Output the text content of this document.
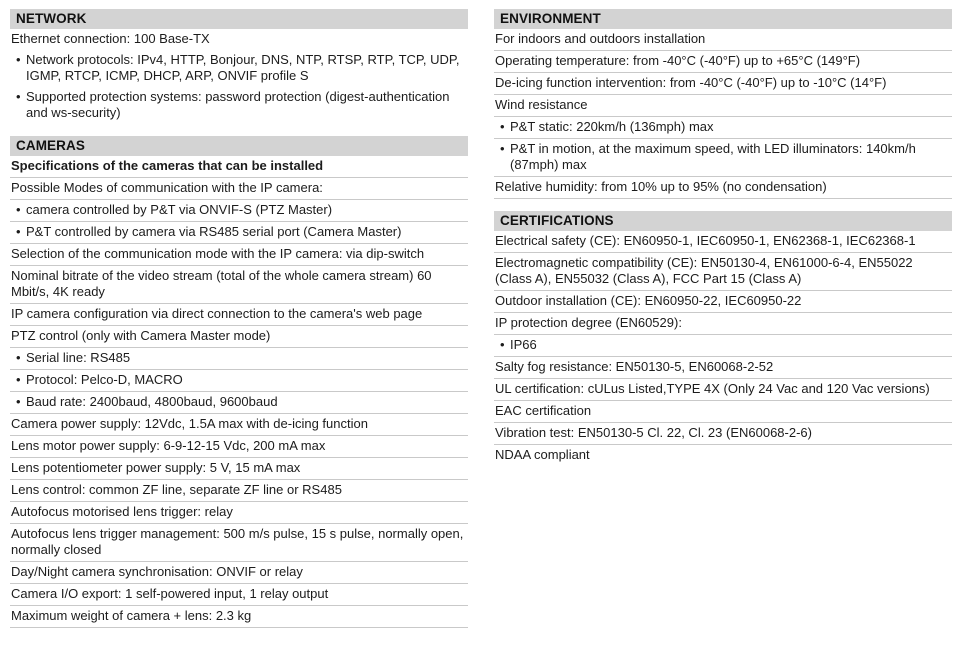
NETWORK
Ethernet connection: 100 Base-TX
• Network protocols: IPv4, HTTP, Bonjour, DNS, NTP, RTSP, RTP, TCP, UDP, IGMP, RTCP, ICMP, DHCP, ARP, ONVIF profile S
• Supported protection systems: password protection (digest-authentication and ws-security)
CAMERAS
Specifications of the cameras that can be installed
Possible Modes of communication with the IP camera:
• camera controlled by P&T via ONVIF-S (PTZ Master)
• P&T controlled by camera via RS485 serial port (Camera Master)
Selection of the communication mode with the IP camera: via dip-switch
Nominal bitrate of the video stream (total of the whole camera stream) 60 Mbit/s, 4K ready
IP camera configuration via direct connection to the camera's web page
PTZ control (only with Camera Master mode)
• Serial line: RS485
• Protocol: Pelco-D, MACRO
• Baud rate: 2400baud, 4800baud, 9600baud
Camera power supply: 12Vdc, 1.5A max with de-icing function
Lens motor power supply: 6-9-12-15 Vdc, 200 mA max
Lens potentiometer power supply: 5 V, 15 mA max
Lens control: common ZF line, separate ZF line or RS485
Autofocus motorised lens trigger: relay
Autofocus lens trigger management: 500 m/s pulse, 15 s pulse, normally open, normally closed
Day/Night camera synchronisation: ONVIF or relay
Camera I/O export: 1 self-powered input, 1 relay output
Maximum weight of camera + lens: 2.3 kg
ENVIRONMENT
For indoors and outdoors installation
Operating temperature: from -40°C (-40°F) up to +65°C (149°F)
De-icing function intervention: from -40°C (-40°F) up to -10°C (14°F)
Wind resistance
• P&T static: 220km/h (136mph) max
• P&T in motion, at the maximum speed, with LED illuminators: 140km/h (87mph) max
Relative humidity: from 10% up to 95% (no condensation)
CERTIFICATIONS
Electrical safety (CE): EN60950-1, IEC60950-1, EN62368-1, IEC62368-1
Electromagnetic compatibility (CE): EN50130-4, EN61000-6-4, EN55022 (Class A), EN55032 (Class A), FCC Part 15 (Class A)
Outdoor installation (CE): EN60950-22, IEC60950-22
IP protection degree (EN60529):
• IP66
Salty fog resistance: EN50130-5, EN60068-2-52
UL certification: cULus Listed,TYPE 4X (Only 24 Vac and 120 Vac versions)
EAC certification
Vibration test: EN50130-5 Cl. 22, Cl. 23 (EN60068-2-6)
NDAA compliant
